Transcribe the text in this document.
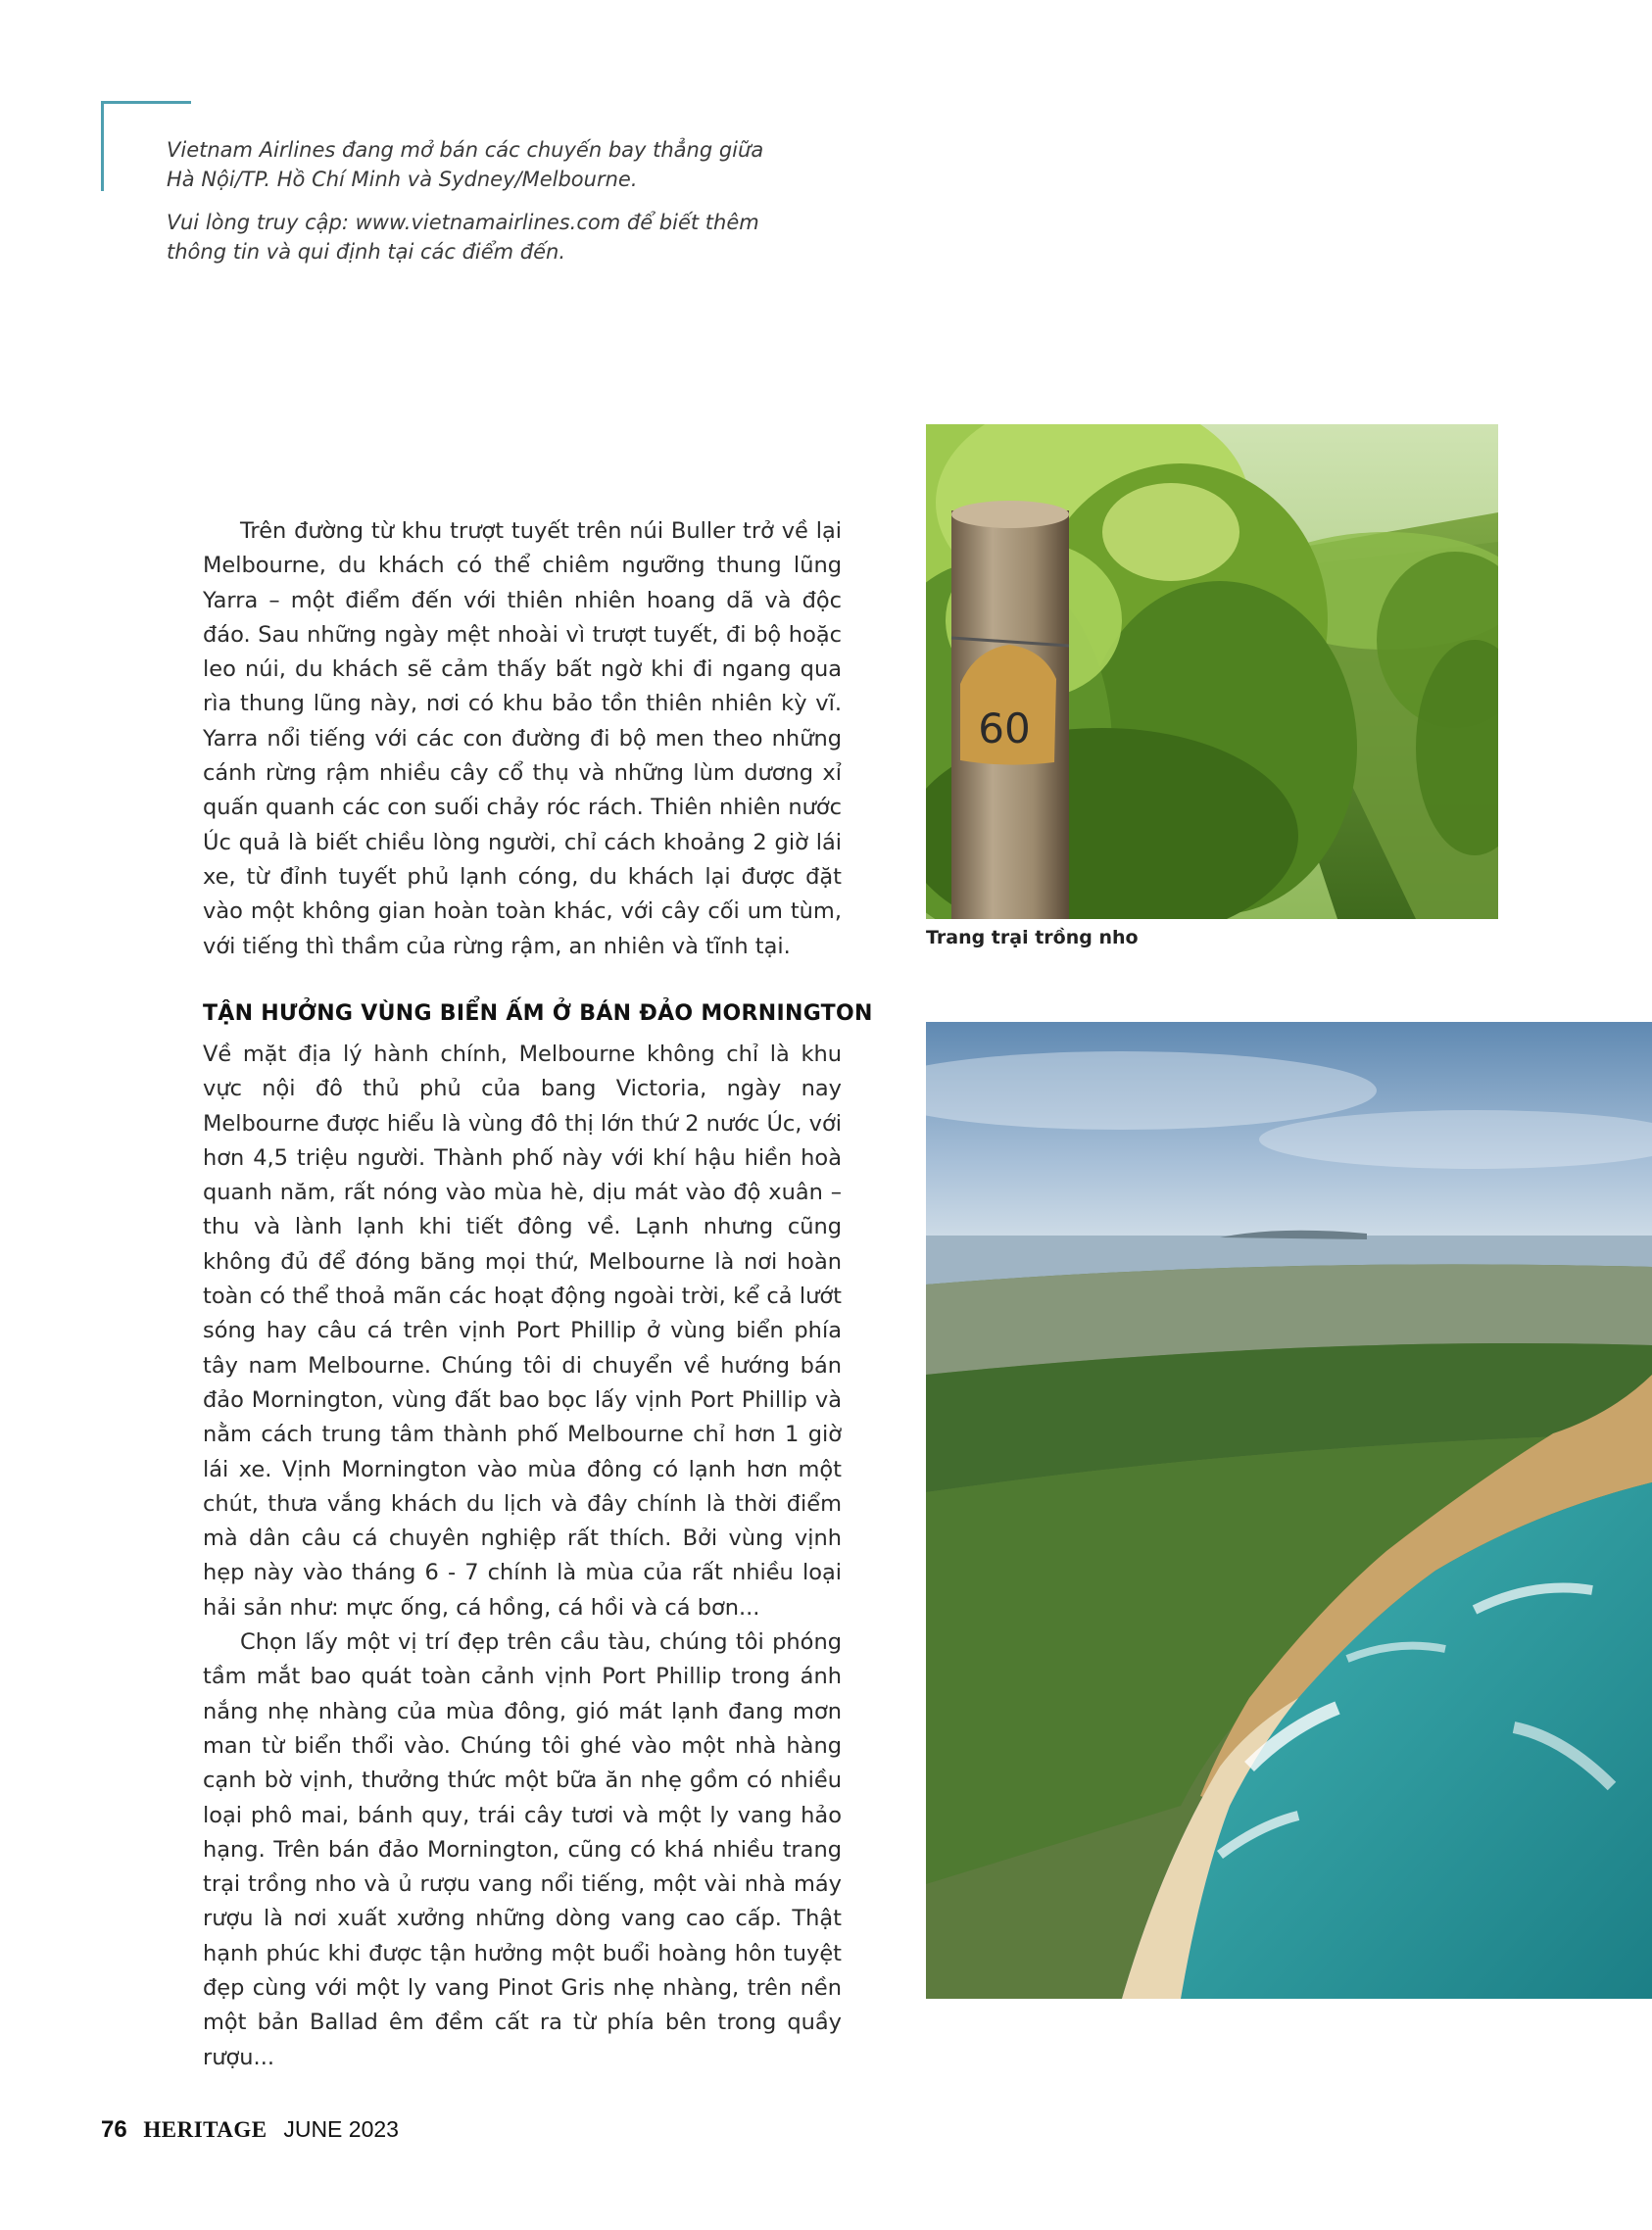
Vietnam Airlines đang mở bán các chuyến bay thẳng giữa Hà Nội/TP. Hồ Chí Minh và Sydney/Melbourne.

Vui lòng truy cập: www.vietnamairlines.com để biết thêm thông tin và qui định tại các điểm đến.

Trên đường từ khu trượt tuyết trên núi Buller trở về lại Melbourne, du khách có thể chiêm ngưỡng thung lũng Yarra – một điểm đến với thiên nhiên hoang dã và độc đáo. Sau những ngày mệt nhoài vì trượt tuyết, đi bộ hoặc leo núi, du khách sẽ cảm thấy bất ngờ khi đi ngang qua rìa thung lũng này, nơi có khu bảo tồn thiên nhiên kỳ vĩ. Yarra nổi tiếng với các con đường đi bộ men theo những cánh rừng rậm nhiều cây cổ thụ và những lùm dương xỉ quấn quanh các con suối chảy róc rách. Thiên nhiên nước Úc quả là biết chiều lòng người, chỉ cách khoảng 2 giờ lái xe, từ đỉnh tuyết phủ lạnh cóng, du khách lại được đặt vào một không gian hoàn toàn khác, với cây cối um tùm, với tiếng thì thầm của rừng rậm, an nhiên và tĩnh tại.

TẬN HƯỞNG VÙNG BIỂN ẤM Ở BÁN ĐẢO MORNINGTON

Về mặt địa lý hành chính, Melbourne không chỉ là khu vực nội đô thủ phủ của bang Victoria, ngày nay Melbourne được hiểu là vùng đô thị lớn thứ 2 nước Úc, với hơn 4,5 triệu người. Thành phố này với khí hậu hiền hoà quanh năm, rất nóng vào mùa hè, dịu mát vào độ xuân – thu và lành lạnh khi tiết đông về. Lạnh nhưng cũng không đủ để đóng băng mọi thứ, Melbourne là nơi hoàn toàn có thể thoả mãn các hoạt động ngoài trời, kể cả lướt sóng hay câu cá trên vịnh Port Phillip ở vùng biển phía tây nam Melbourne. Chúng tôi di chuyển về hướng bán đảo Mornington, vùng đất bao bọc lấy vịnh Port Phillip và nằm cách trung tâm thành phố Melbourne chỉ hơn 1 giờ lái xe. Vịnh Mornington vào mùa đông có lạnh hơn một chút, thưa vắng khách du lịch và đây chính là thời điểm mà dân câu cá chuyên nghiệp rất thích. Bởi vùng vịnh hẹp này vào tháng 6 - 7 chính là mùa của rất nhiều loại hải sản như: mực ống, cá hồng, cá hồi và cá bơn...

Chọn lấy một vị trí đẹp trên cầu tàu, chúng tôi phóng tầm mắt bao quát toàn cảnh vịnh Port Phillip trong ánh nắng nhẹ nhàng của mùa đông, gió mát lạnh đang mơn man từ biển thổi vào. Chúng tôi ghé vào một nhà hàng cạnh bờ vịnh, thưởng thức một bữa ăn nhẹ gồm có nhiều loại phô mai, bánh quy, trái cây tươi và một ly vang hảo hạng. Trên bán đảo Mornington, cũng có khá nhiều trang trại trồng nho và ủ rượu vang nổi tiếng, một vài nhà máy rượu là nơi xuất xưởng những dòng vang cao cấp. Thật hạnh phúc khi được tận hưởng một buổi hoàng hôn tuyệt đẹp cùng với một ly vang Pinot Gris nhẹ nhàng, trên nền một bản Ballad êm đềm cất ra từ phía bên trong quầy rượu...

60
Trang trại trồng nho
76 HERITAGE JUNE 2023
